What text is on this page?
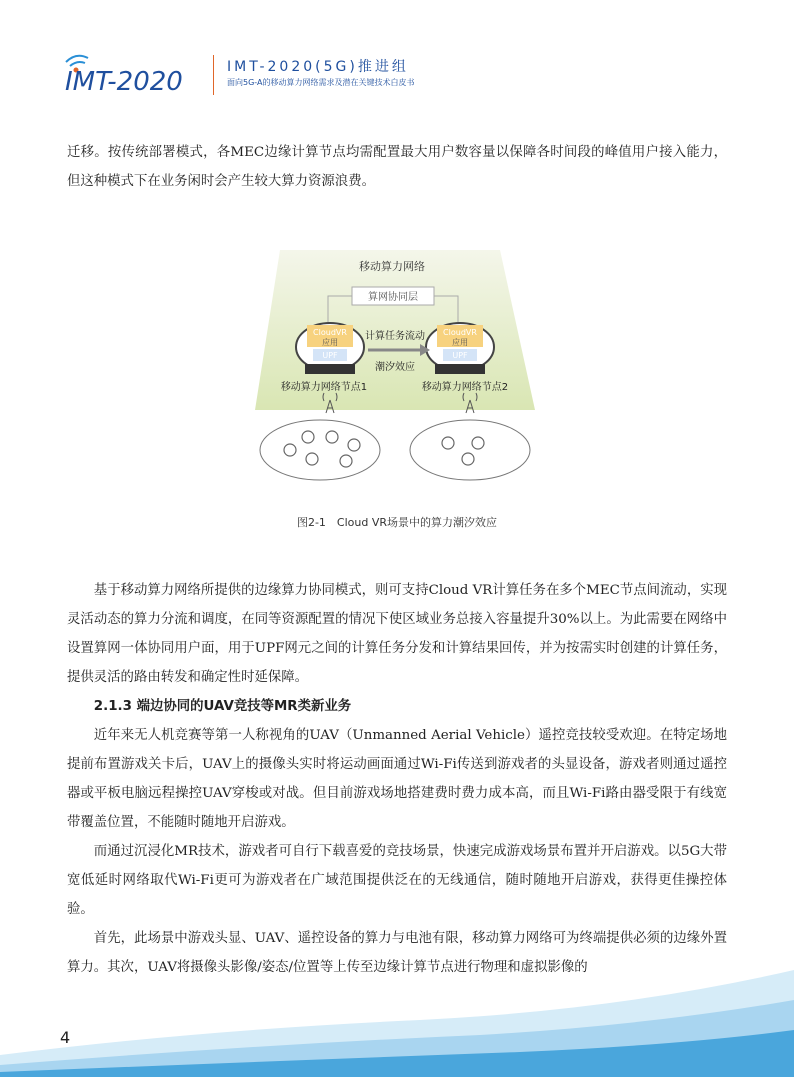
IMT-2020	IMT-2020(5G)推进组
面向5G-A的移动算力网络需求及潜在关键技术白皮书

迁移。按传统部署模式，各MEC边缘计算节点均需配置最大用户数容量以保障各时间段的峰值用户接入能力，但这种模式下在业务闲时会产生较大算力资源浪费。

移动算力网络
算网协同层
CloudVR
应用
UPF
移动算力网络节点1
CloudVR
应用
UPF
移动算力网络节点2
计算任务流动
潮汐效应
图2-1　Cloud VR场景中的算力潮汐效应

基于移动算力网络所提供的边缘算力协同模式，则可支持Cloud VR计算任务在多个MEC节点间流动，实现灵活动态的算力分流和调度，在同等资源配置的情况下使区域业务总接入容量提升30%以上。为此需要在网络中设置算网一体协同用户面，用于UPF网元之间的计算任务分发和计算结果回传，并为按需实时创建的计算任务，提供灵活的路由转发和确定性时延保障。

2.1.3 端边协同的UAV竞技等MR类新业务

近年来无人机竞赛等第一人称视角的UAV（Unmanned Aerial Vehicle）遥控竞技较受欢迎。在特定场地提前布置游戏关卡后，UAV上的摄像头实时将运动画面通过Wi-Fi传送到游戏者的头显设备，游戏者则通过遥控器或平板电脑远程操控UAV穿梭或对战。但目前游戏场地搭建费时费力成本高，而且Wi-Fi路由器受限于有线宽带覆盖位置，不能随时随地开启游戏。

而通过沉浸化MR技术，游戏者可自行下载喜爱的竞技场景，快速完成游戏场景布置并开启游戏。以5G大带宽低延时网络取代Wi-Fi更可为游戏者在广域范围提供泛在的无线通信，随时随地开启游戏，获得更佳操控体验。

首先，此场景中游戏头显、UAV、遥控设备的算力与电池有限，移动算力网络可为终端提供必须的边缘外置算力。其次，UAV将摄像头影像/姿态/位置等上传至边缘计算节点进行物理和虚拟影像的

4
